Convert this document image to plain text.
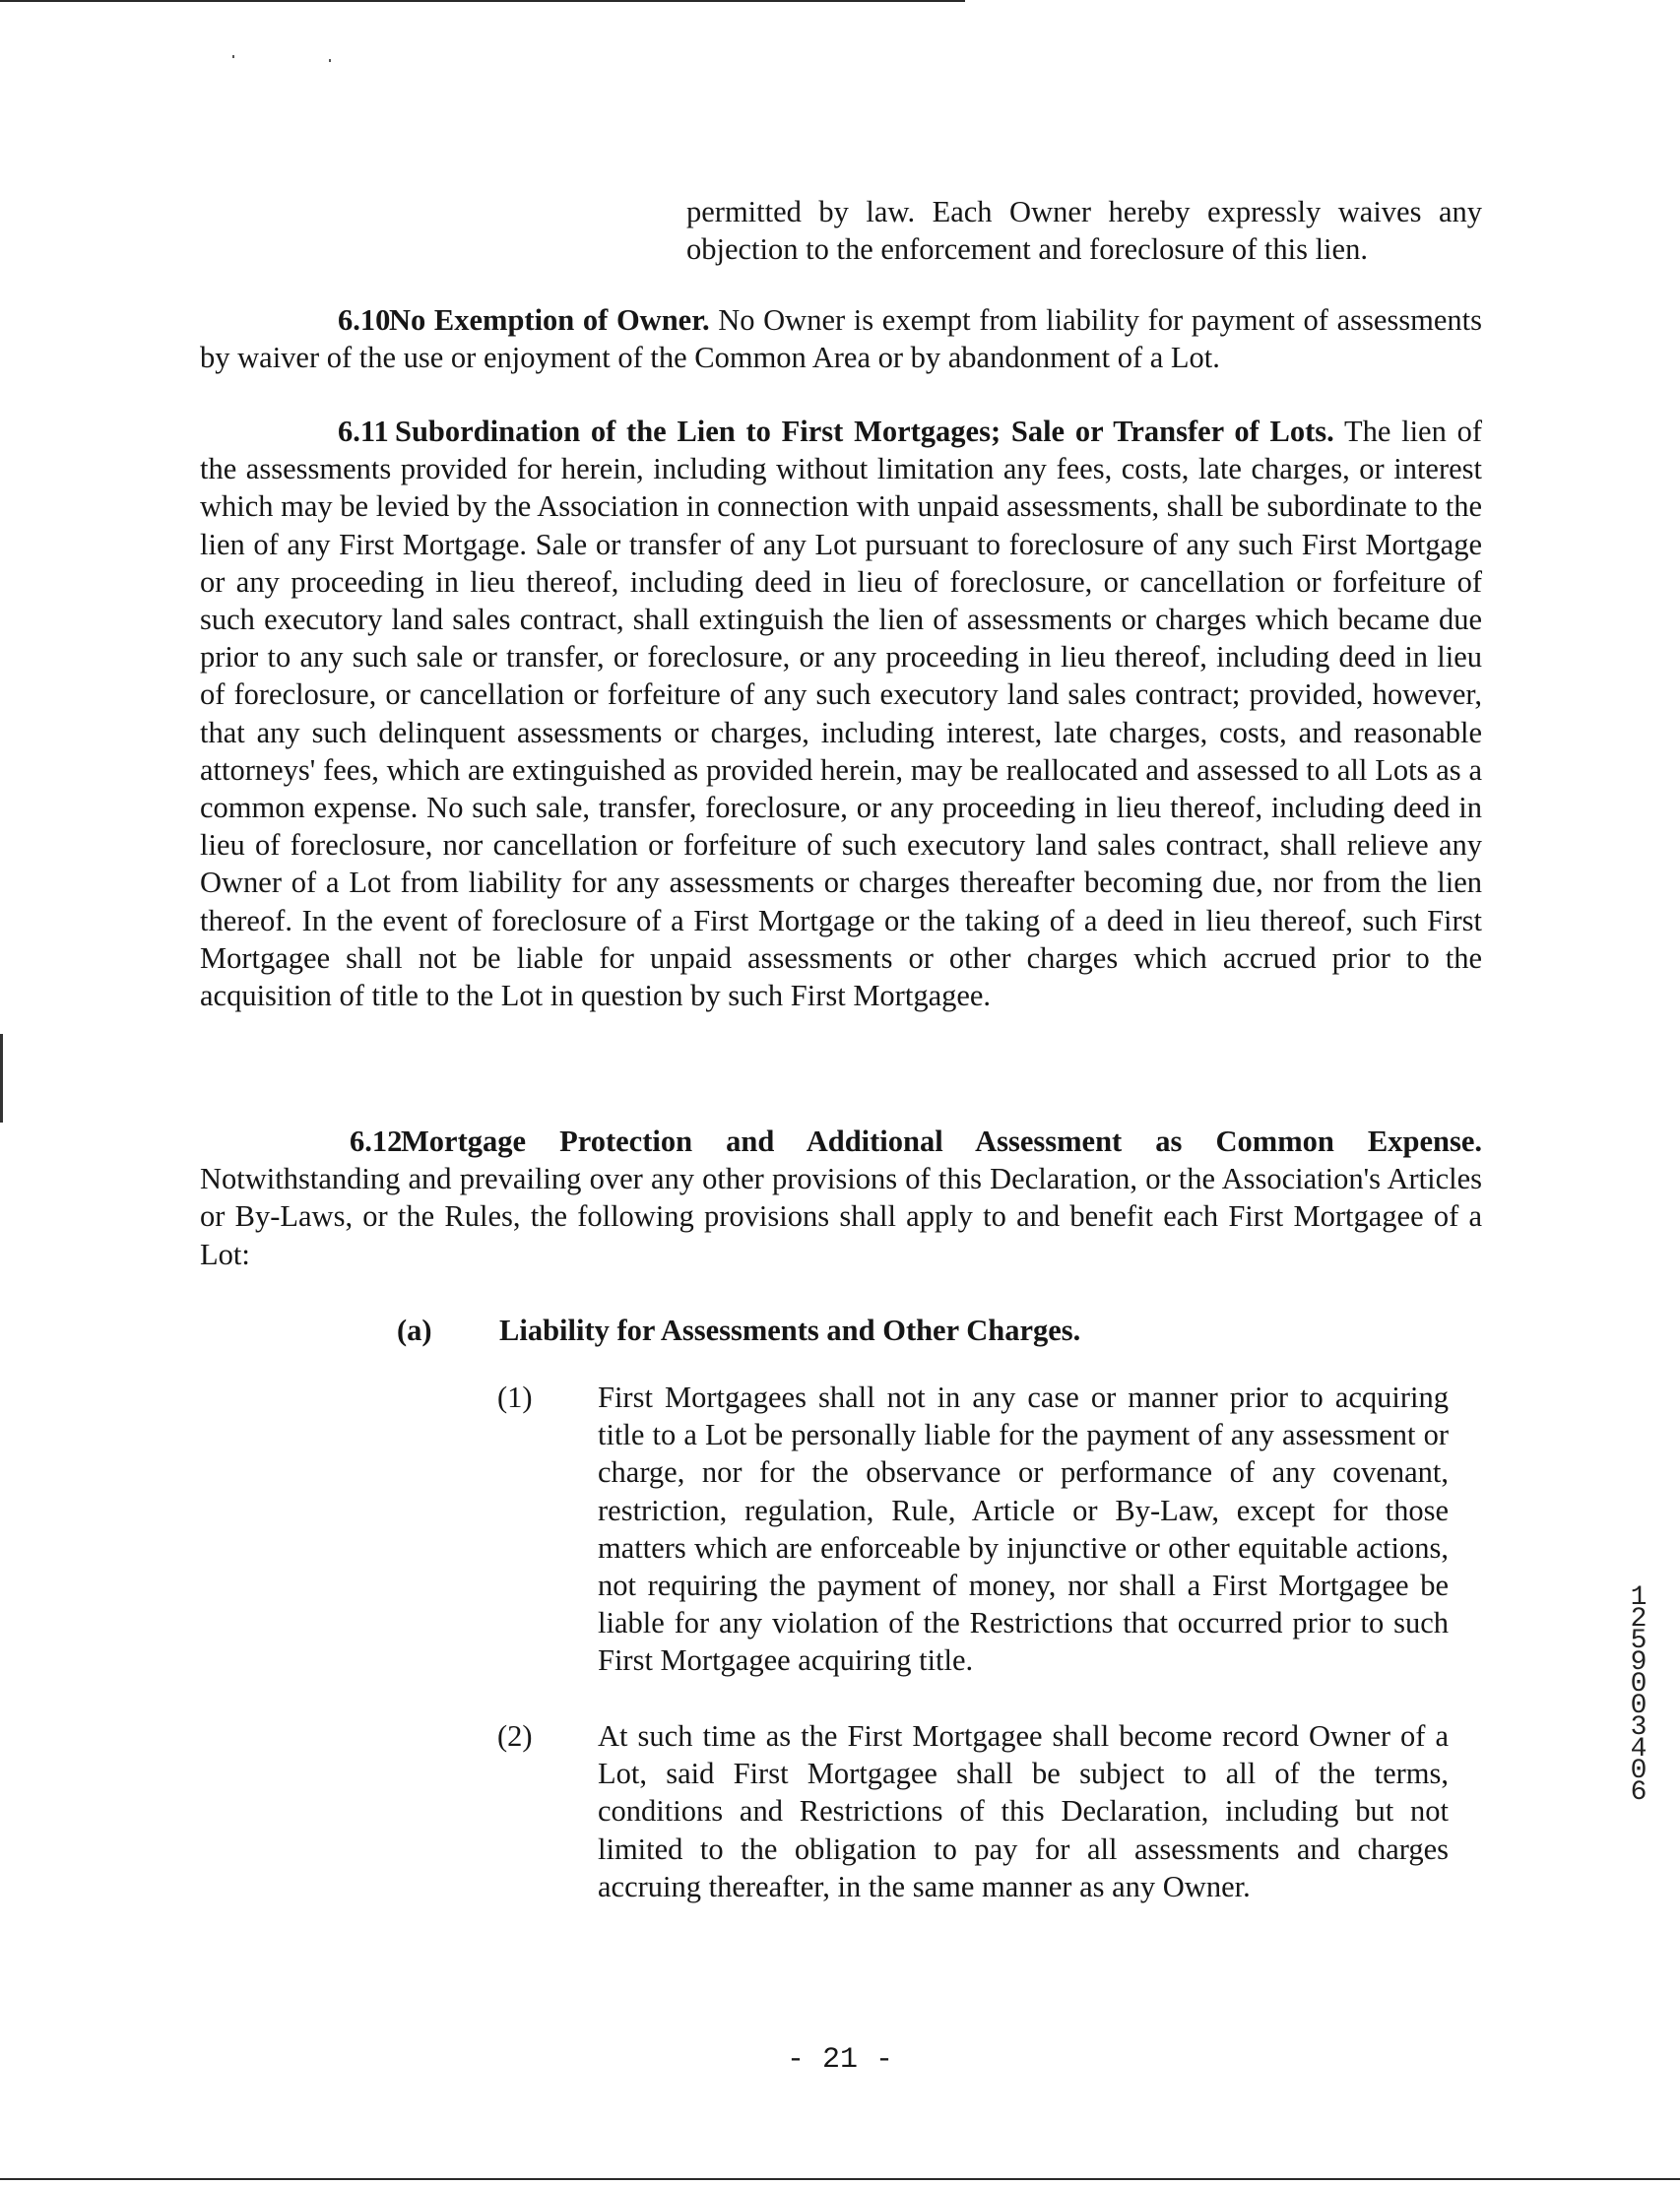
permitted by law. Each Owner hereby expressly waives any objection to the enforcement and foreclosure of this lien.

6.10No Exemption of Owner. No Owner is exempt from liability for payment of assessments by waiver of the use or enjoyment of the Common Area or by abandonment of a Lot.

6.11 Subordination of the Lien to First Mortgages; Sale or Transfer of Lots. The lien of the assessments provided for herein, including without limitation any fees, costs, late charges, or interest which may be levied by the Association in connection with unpaid assessments, shall be subordinate to the lien of any First Mortgage. Sale or transfer of any Lot pursuant to foreclosure of any such First Mortgage or any proceeding in lieu thereof, including deed in lieu of foreclosure, or cancellation or forfeiture of such executory land sales contract, shall extinguish the lien of assessments or charges which became due prior to any such sale or transfer, or foreclosure, or any proceeding in lieu thereof, including deed in lieu of foreclosure, or cancellation or forfeiture of any such executory land sales contract; provided, however, that any such delinquent assessments or charges, including interest, late charges, costs, and reasonable attorneys' fees, which are extinguished as provided herein, may be reallocated and assessed to all Lots as a common expense. No such sale, transfer, foreclosure, or any proceeding in lieu thereof, including deed in lieu of foreclosure, nor cancellation or forfeiture of such executory land sales contract, shall relieve any Owner of a Lot from liability for any assessments or charges thereafter becoming due, nor from the lien thereof. In the event of foreclosure of a First Mortgage or the taking of a deed in lieu thereof, such First Mortgagee shall not be liable for unpaid assessments or other charges which accrued prior to the acquisition of title to the Lot in question by such First Mortgagee.

6.12Mortgage Protection and Additional Assessment as Common Expense. Notwithstanding and prevailing over any other provisions of this Declaration, or the Association's Articles or By-Laws, or the Rules, the following provisions shall apply to and benefit each First Mortgagee of a Lot:

(a) Liability for Assessments and Other Charges.
(1) First Mortgagees shall not in any case or manner prior to acquiring title to a Lot be personally liable for the payment of any assessment or charge, nor for the observance or performance of any covenant, restriction, regulation, Rule, Article or By-Law, except for those matters which are enforceable by injunctive or other equitable actions, not requiring the payment of money, nor shall a First Mortgagee be liable for any violation of the Restrictions that occurred prior to such First Mortgagee acquiring title.

(2) At such time as the First Mortgagee shall become record Owner of a Lot, said First Mortgagee shall be subject to all of the terms, conditions and Restrictions of this Declaration, including but not limited to the obligation to pay for all assessments and charges accruing thereafter, in the same manner as any Owner.

- 21 -
12590 03406
